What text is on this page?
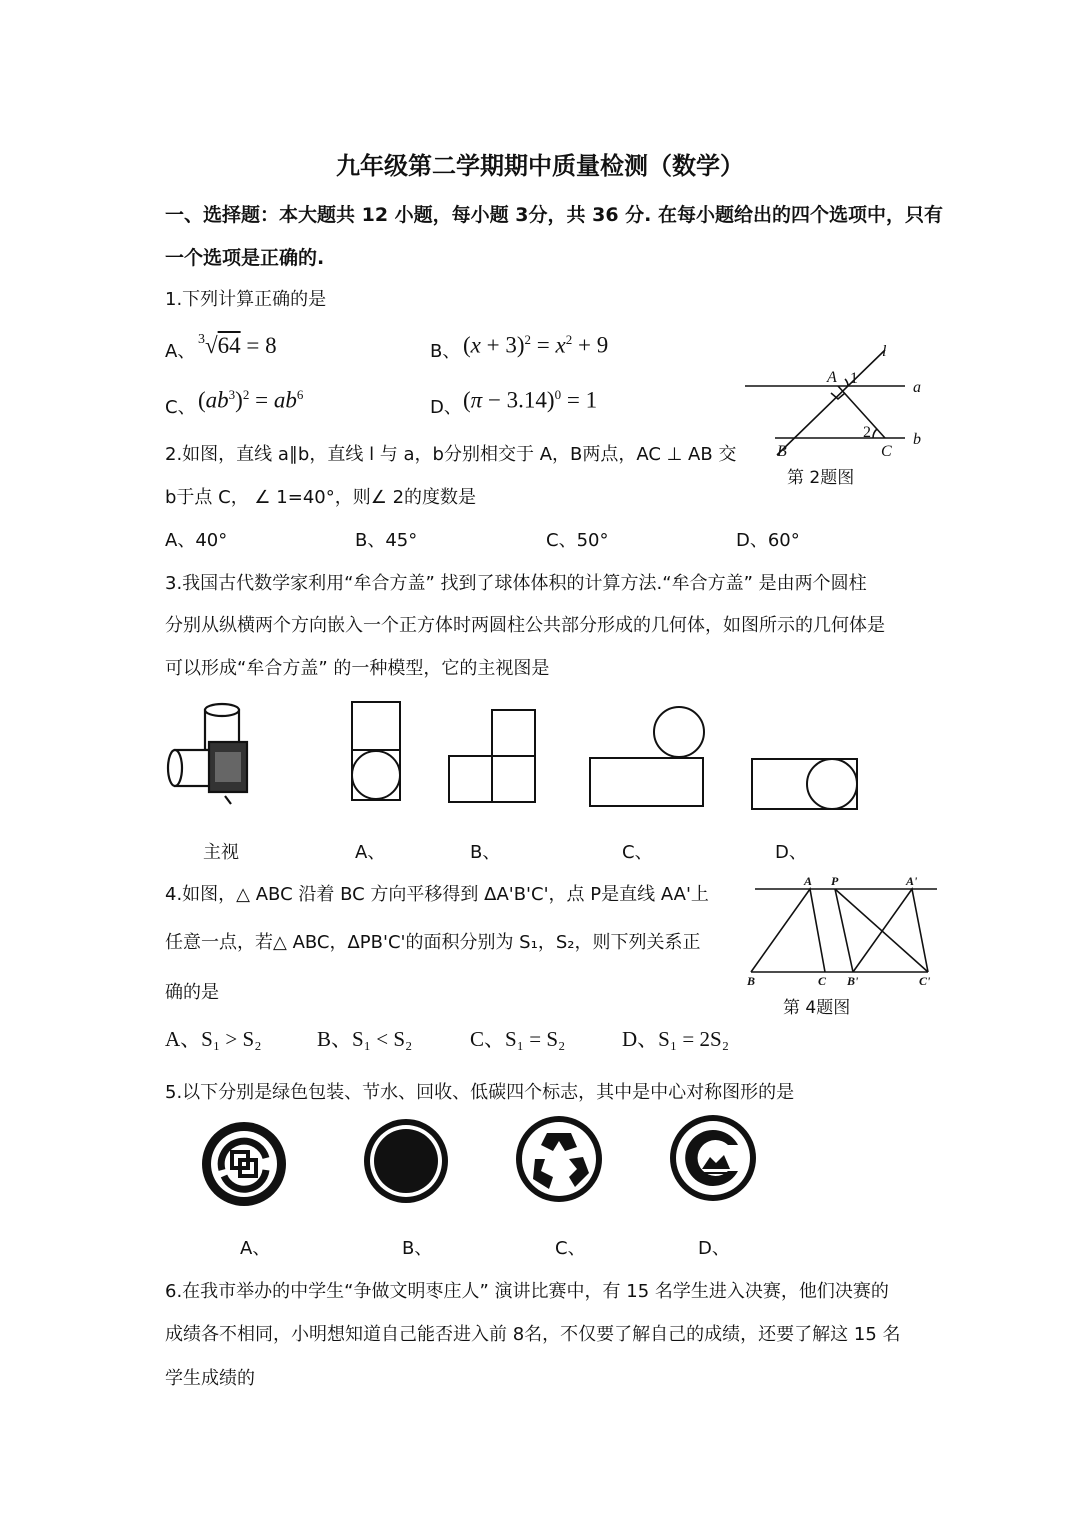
九年级第二学期期中质量检测（数学）
一、选择题：本大题共 12 小题，每小题 3分，共 36 分. 在每小题给出的四个选项中，只有
一个选项是正确的.
1.下列计算正确的是
A、
$^3$√64 = 8	B、 $(x + 3)^2 = x^2 + 9$
C、 $(ab^3)^2 = ab^6$
D、 $(\pi - 3.14)^0 = 1$
l
a
b
A
B	C
1
2
第 2题图
2.如图，直线 a∥b，直线 l 与 a，b分别相交于 A，B两点，AC ⊥ AB 交
b于点 C， ∠ 1=40°，则∠ 2的度数是
A、40°	B、45°	C、50°	D、60°
3.我国古代数学家利用“牟合方盖” 找到了球体体积的计算方法.“牟合方盖” 是由两个圆柱
分别从纵横两个方向嵌入一个正方体时两圆柱公共部分形成的几何体，如图所示的几何体是
可以形成“牟合方盖” 的一种模型，它的主视图是
主视	A、	B、	C、	D、
4.如图，△ ABC 沿着 BC 方向平移得到 ΔA'B'C'，点 P是直线 AA'上
任意一点，若△ ABC，ΔPB'C'的面积分别为 S₁，S₂，则下列关系正
确的是
A P	A'
B	C B'	C'
第 4题图
A、S₁ > S₂	B、S₁ < S₂	C、S₁ = S₂	D、S₁ = 2S₂
5.以下分别是绿色包装、节水、回收、低碳四个标志，其中是中心对称图形的是
A、	B、	C、	D、
6.在我市举办的中学生“争做文明枣庄人” 演讲比赛中，有 15 名学生进入决赛，他们决赛的
成绩各不相同，小明想知道自己能否进入前 8名，不仅要了解自己的成绩，还要了解这 15 名
学生成绩的
